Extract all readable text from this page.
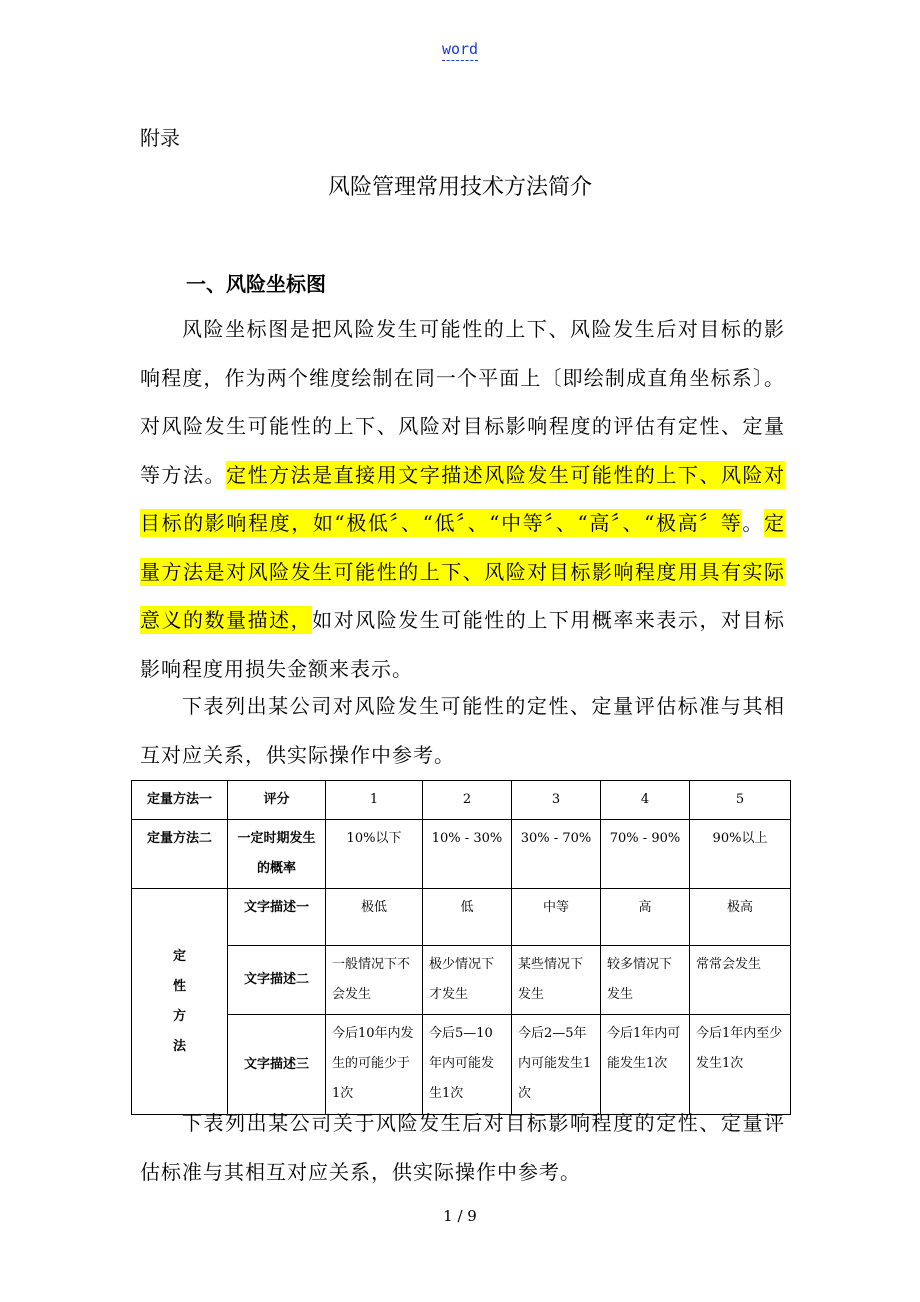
word
附录
风险管理常用技术方法简介
一、风险坐标图
风险坐标图是把风险发生可能性的上下、风险发生后对目标的影响程度，作为两个维度绘制在同一个平面上〔即绘制成直角坐标系〕。对风险发生可能性的上下、风险对目标影响程度的评估有定性、定量等方法。定性方法是直接用文字描述风险发生可能性的上下、风险对目标的影响程度，如“极低〞、“低〞、“中等〞、“高〞、“极高〞等。定量方法是对风险发生可能性的上下、风险对目标影响程度用具有实际意义的数量描述，如对风险发生可能性的上下用概率来表示，对目标影响程度用损失金额来表示。
下表列出某公司对风险发生可能性的定性、定量评估标准与其相互对应关系，供实际操作中参考。
定量方法一	评分	1	2	3	4	5
定量方法二	一定时期发生的概率	10%以下	10% - 30%	30% - 70%	70% - 90%	90%以上

定
性
方
法	文字描述一	极低	低	中等	高	极高
	文字描述二	一般情况下不会发生	极少情况下才发生	某些情况下发生	较多情况下发生	常常会发生
	文字描述三	今后10年内发生的可能少于1次	今后5—10年内可能发生1次	今后2—5年内可能发生1次	今后1年内可能发生1次	今后1年内至少发生1次
下表列出某公司关于风险发生后对目标影响程度的定性、定量评估标准与其相互对应关系，供实际操作中参考。
1 / 9
